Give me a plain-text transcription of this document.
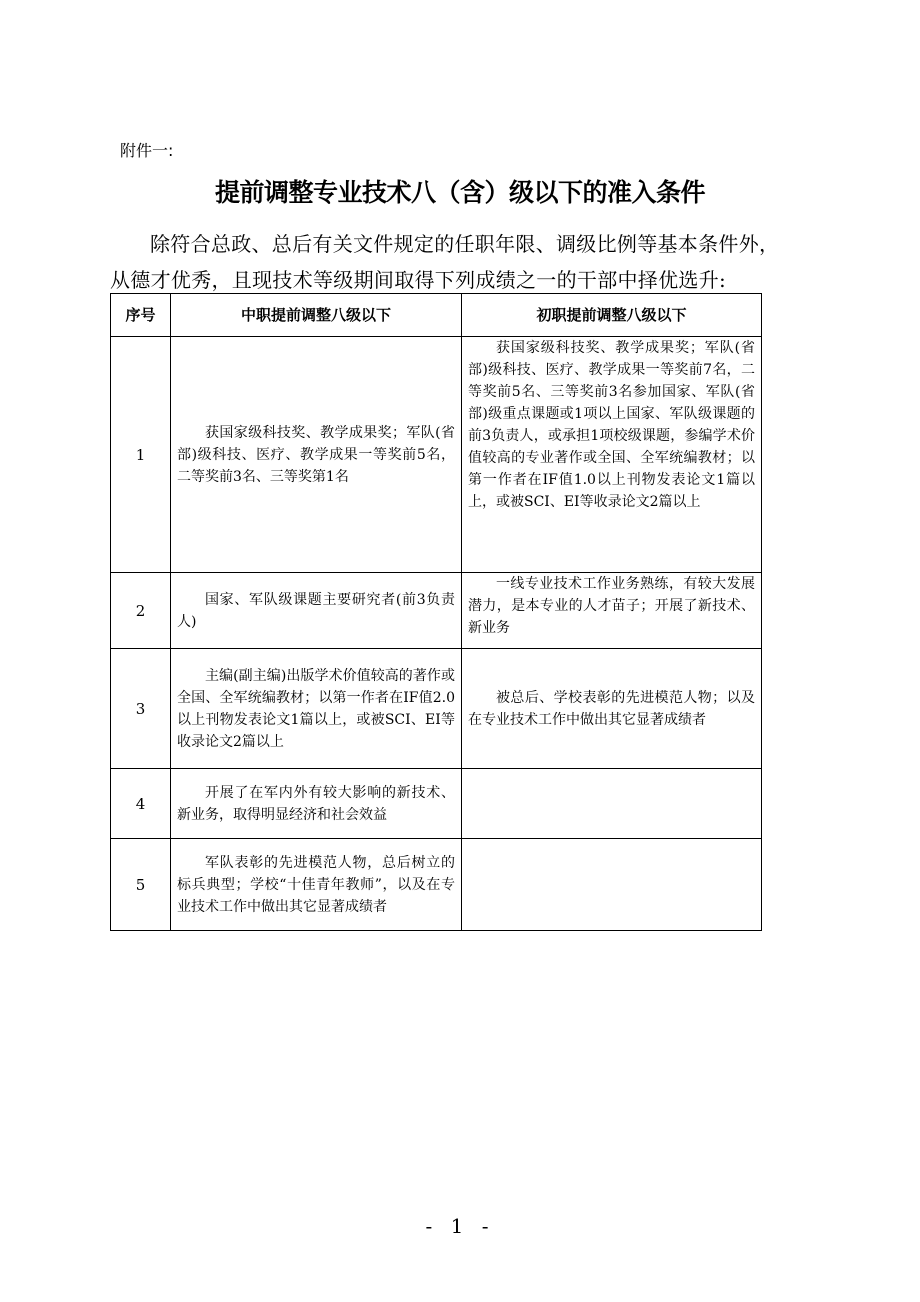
附件一:
提前调整专业技术八（含）级以下的准入条件
除符合总政、总后有关文件规定的任职年限、调级比例等基本条件外，从德才优秀，且现技术等级期间取得下列成绩之一的干部中择优选升:
序号	中职提前调整八级以下	初职提前调整八级以下
1	获国家级科技奖、教学成果奖；军队(省部)级科技、医疗、教学成果一等奖前5名，二等奖前3名、三等奖第1名	获国家级科技奖、教学成果奖；军队(省部)级科技、医疗、教学成果一等奖前7名，二等奖前5名、三等奖前3名参加国家、军队(省部)级重点课题或1项以上国家、军队级课题的前3负责人，或承担1项校级课题，参编学术价值较高的专业著作或全国、全军统编教材；以第一作者在IF值1.0以上刊物发表论文1篇以上，或被SCI、EI等收录论文2篇以上
2	国家、军队级课题主要研究者(前3负责人)	一线专业技术工作业务熟练，有较大发展潜力，是本专业的人才苗子；开展了新技术、新业务
3	主编(副主编)出版学术价值较高的著作或全国、全军统编教材；以第一作者在IF值2.0以上刊物发表论文1篇以上，或被SCI、EI等收录论文2篇以上	被总后、学校表彰的先进模范人物；以及在专业技术工作中做出其它显著成绩者
4	开展了在军内外有较大影响的新技术、新业务，取得明显经济和社会效益	
5	军队表彰的先进模范人物，总后树立的标兵典型；学校“十佳青年教师”，以及在专业技术工作中做出其它显著成绩者	
- 1 -
